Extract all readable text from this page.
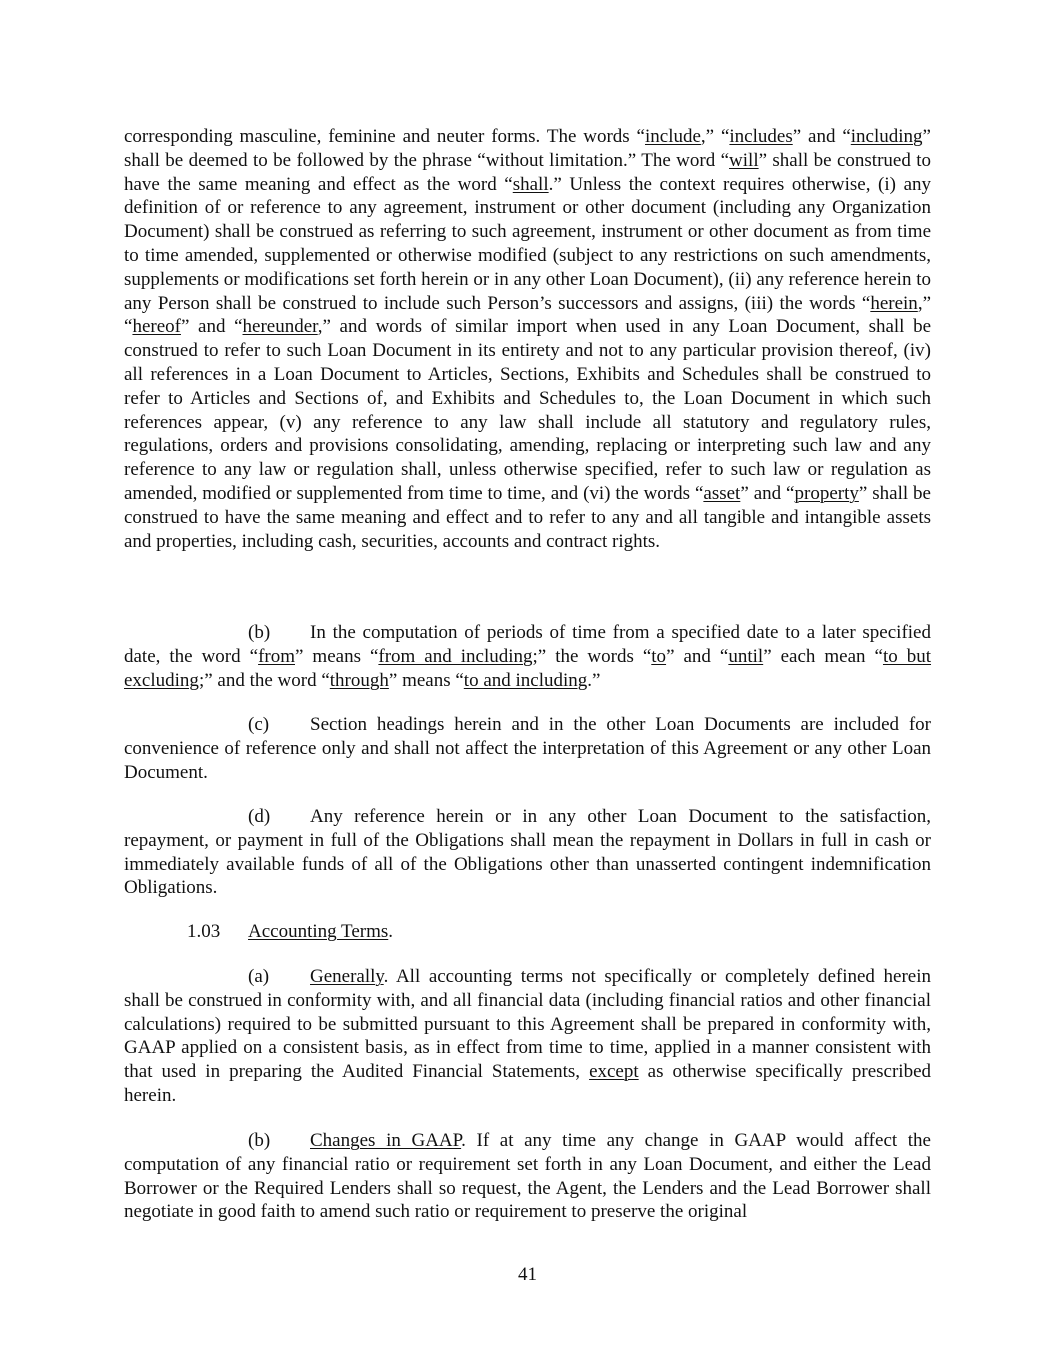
corresponding masculine, feminine and neuter forms. The words “include,” “includes” and “including” shall be deemed to be followed by the phrase “without limitation.” The word “will” shall be construed to have the same meaning and effect as the word “shall.” Unless the context requires otherwise, (i) any definition of or reference to any agreement, instrument or other document (including any Organization Document) shall be construed as referring to such agreement, instrument or other document as from time to time amended, supplemented or otherwise modified (subject to any restrictions on such amendments, supplements or modifications set forth herein or in any other Loan Document), (ii) any reference herein to any Person shall be construed to include such Person’s successors and assigns, (iii) the words “herein,” “hereof” and “hereunder,” and words of similar import when used in any Loan Document, shall be construed to refer to such Loan Document in its entirety and not to any particular provision thereof, (iv) all references in a Loan Document to Articles, Sections, Exhibits and Schedules shall be construed to refer to Articles and Sections of, and Exhibits and Schedules to, the Loan Document in which such references appear, (v) any reference to any law shall include all statutory and regulatory rules, regulations, orders and provisions consolidating, amending, replacing or interpreting such law and any reference to any law or regulation shall, unless otherwise specified, refer to such law or regulation as amended, modified or supplemented from time to time, and (vi) the words “asset” and “property” shall be construed to have the same meaning and effect and to refer to any and all tangible and intangible assets and properties, including cash, securities, accounts and contract rights.

(b) In the computation of periods of time from a specified date to a later specified date, the word “from” means “from and including;” the words “to” and “until” each mean “to but excluding;” and the word “through” means “to and including.”

(c) Section headings herein and in the other Loan Documents are included for convenience of reference only and shall not affect the interpretation of this Agreement or any other Loan Document.

(d) Any reference herein or in any other Loan Document to the satisfaction, repayment, or payment in full of the Obligations shall mean the repayment in Dollars in full in cash or immediately available funds of all of the Obligations other than unasserted contingent indemnification Obligations.

1.03 Accounting Terms.

(a) Generally. All accounting terms not specifically or completely defined herein shall be construed in conformity with, and all financial data (including financial ratios and other financial calculations) required to be submitted pursuant to this Agreement shall be prepared in conformity with, GAAP applied on a consistent basis, as in effect from time to time, applied in a manner consistent with that used in preparing the Audited Financial Statements, except as otherwise specifically prescribed herein.

(b) Changes in GAAP. If at any time any change in GAAP would affect the computation of any financial ratio or requirement set forth in any Loan Document, and either the Lead Borrower or the Required Lenders shall so request, the Agent, the Lenders and the Lead Borrower shall negotiate in good faith to amend such ratio or requirement to preserve the original

41
